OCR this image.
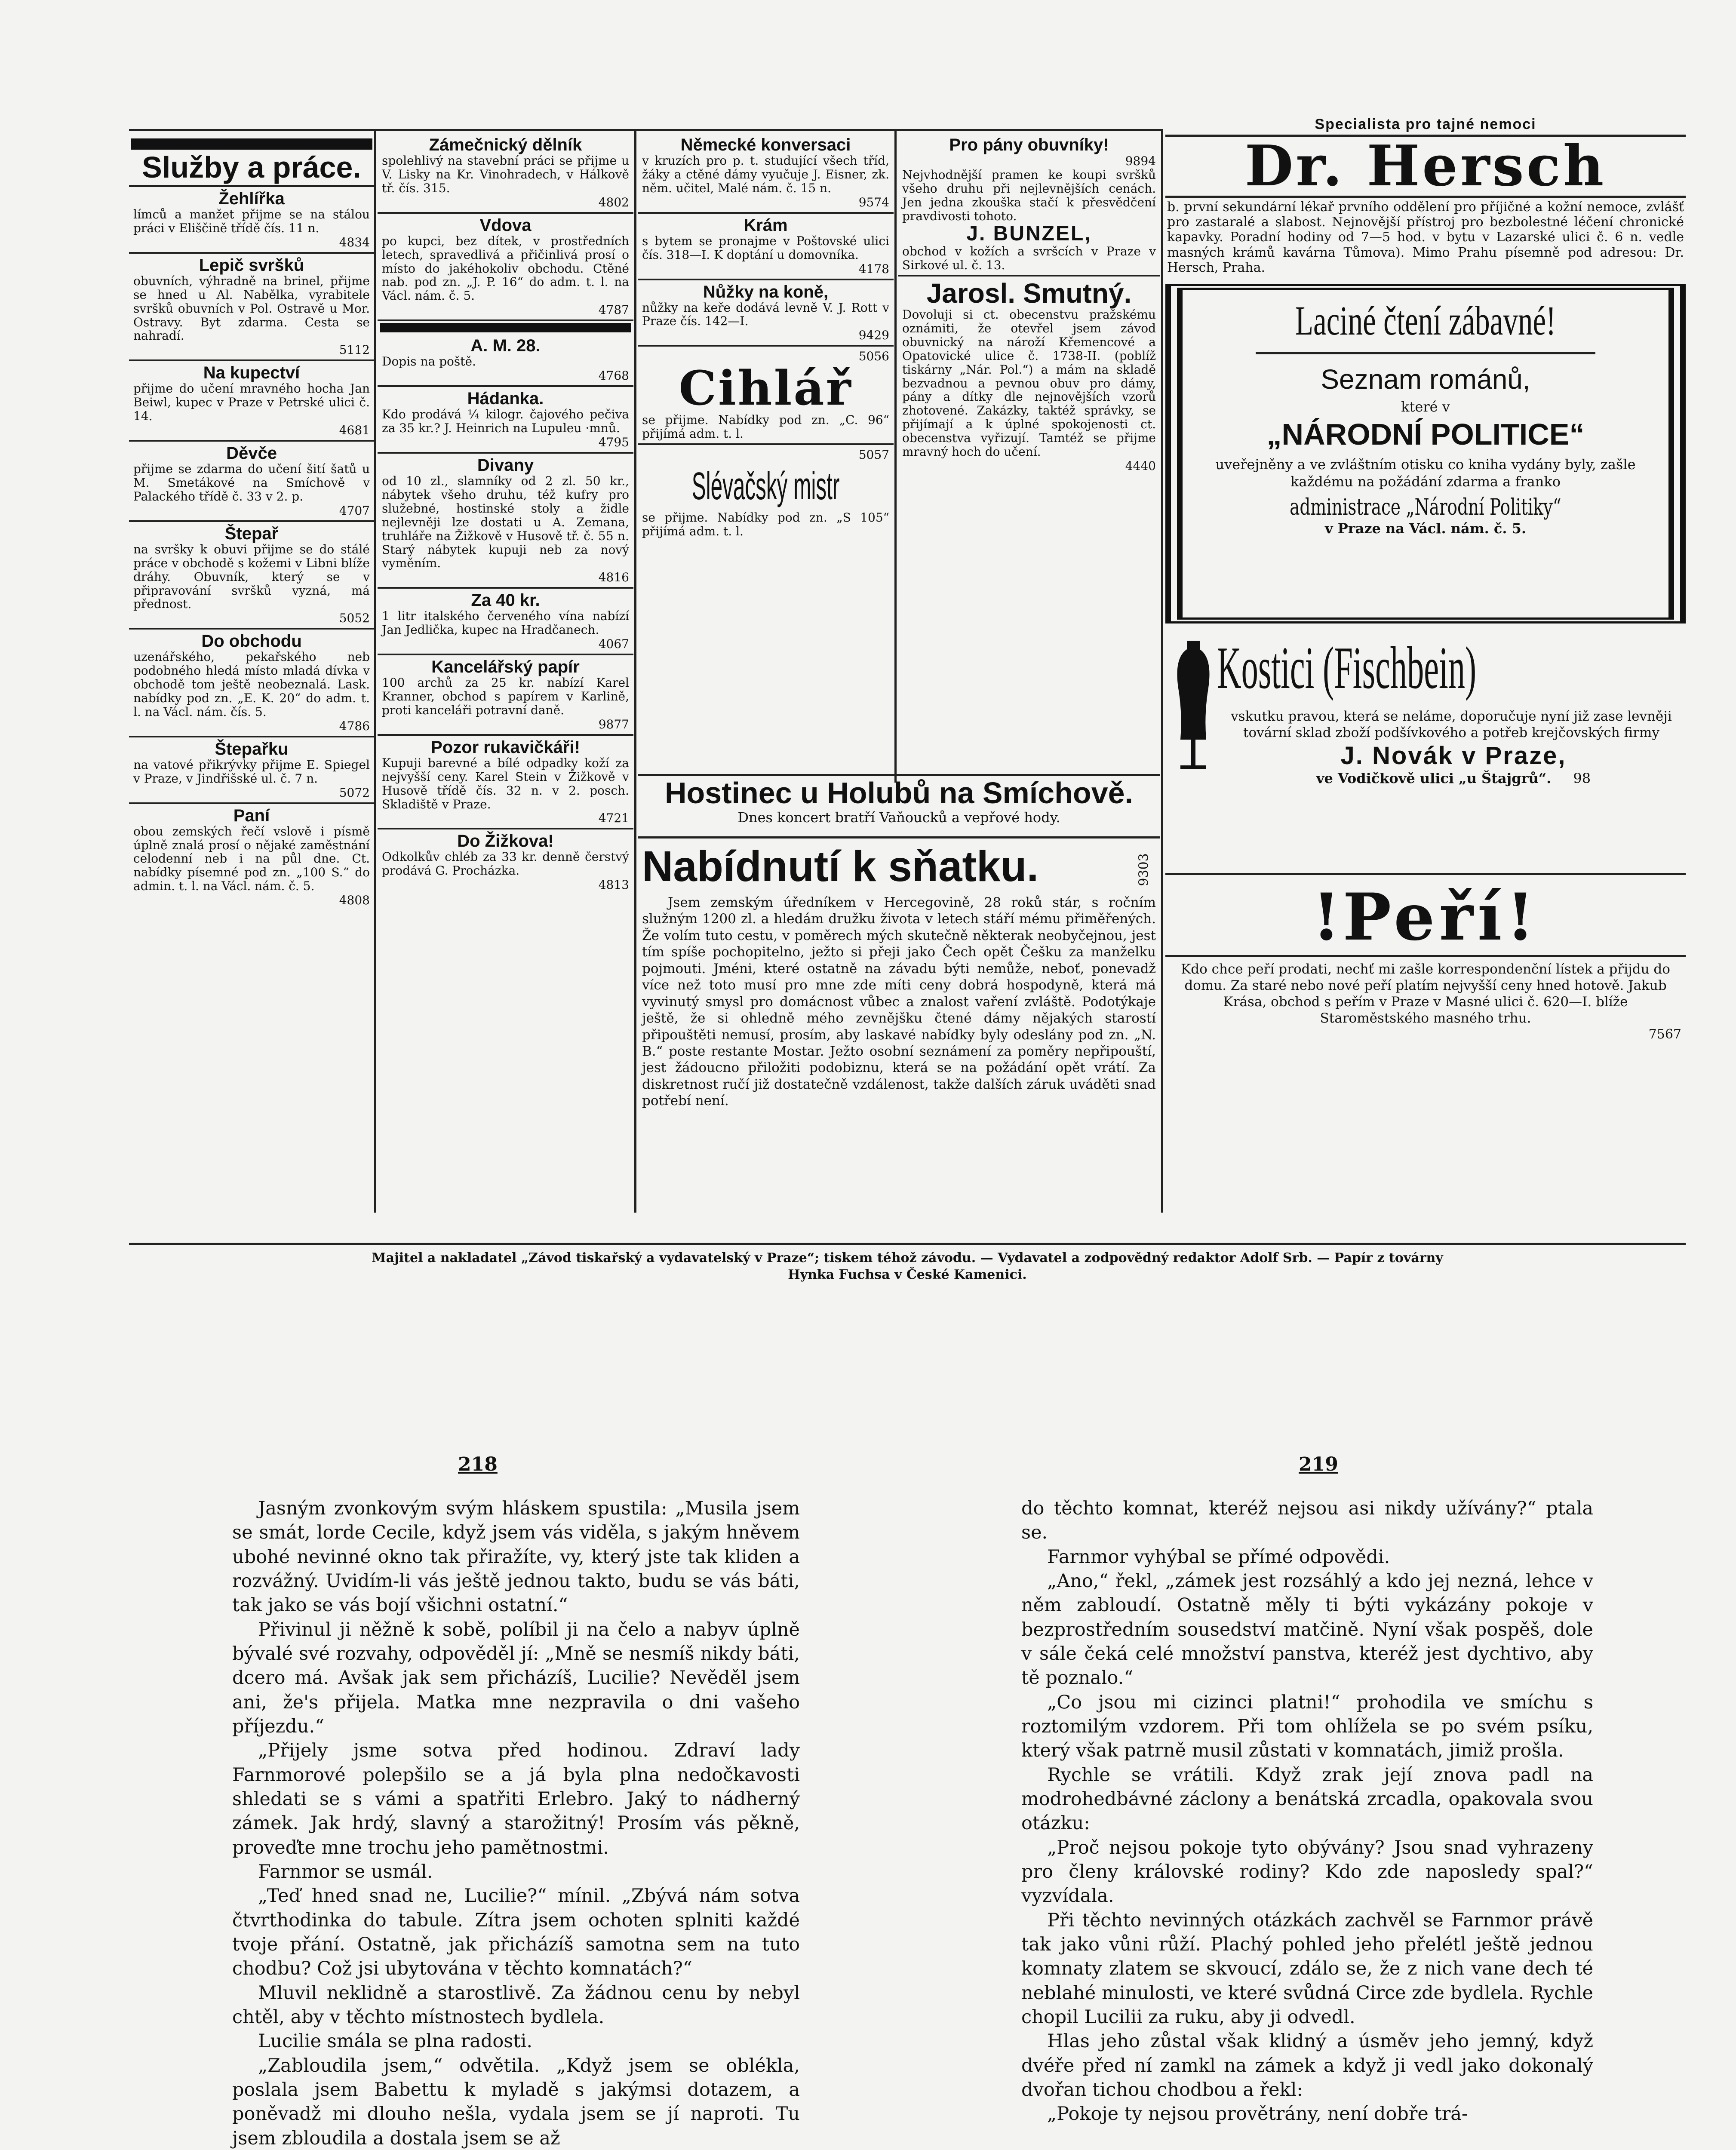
Služby a práce.
Žehlířka

límců a manžet přijme se na stálou práci v Eliščině třídě čís. 11 n.

4834
Lepič svršků

obuvních, výhradně na brinel, přijme se hned u Al. Nabělka, vyrabitele svršků obuvních v Pol. Ostravě u Mor. Ostravy. Byt zdarma. Cesta se nahradí.

5112
Na kupectví

přijme do učení mravného hocha Jan Beiwl, kupec v Praze v Petrské ulici č. 14.

4681
Děvče

přijme se zdarma do učení šití šatů u M. Smetákové na Smíchově v Palackého třídě č. 33 v 2. p.

4707
Štepař

na svršky k obuvi přijme se do stálé práce v obchodě s kožemi v Libni blíže dráhy. Obuvník, který se v připravování svršků vyzná, má přednost.

5052
Do obchodu

uzenářského, pekařského neb podobného hledá místo mladá dívka v obchodě tom ještě neobeznalá. Lask. nabídky pod zn. „E. K. 20“ do adm. t. l. na Václ. nám. čís. 5.

4786
Štepařku

na vatové přikrývky přijme E. Spiegel v Praze, v Jindřišské ul. č. 7 n.

5072
Paní

obou zemských řečí vslově i písmě úplně znalá prosí o nějaké zaměstnání celodenní neb i na půl dne. Ct. nabídky písemné pod zn. „100 S.“ do admin. t. l. na Václ. nám. č. 5.

4808
Zámečnický dělník

spolehlivý na stavební práci se přijme u V. Lisky na Kr. Vinohradech, v Hálkově tř. čís. 315.

4802
Vdova

po kupci, bez dítek, v prostředních letech, spravedlivá a přičinlivá prosí o místo do jakéhokoliv obchodu. Ctěné nab. pod zn. „J. P. 16“ do adm. t. l. na Václ. nám. č. 5.

4787
A. M. 28.

Dopis na poště.

4768
Hádanka.

Kdo prodává ¼ kilogr. čajového pečiva za 35 kr.? J. Heinrich na Lupuleu ·mnů.

4795
Divany

od 10 zl., slamníky od 2 zl. 50 kr., nábytek všeho druhu, též kufry pro služebné, hostinské stoly a židle nejlevněji lze dostati u A. Zemana, truhláře na Žižkově v Husově tř. č. 55 n. Starý nábytek kupuji neb za nový vyměním.

4816
Za 40 kr.

1 litr italského červeného vína nabízí Jan Jedlička, kupec na Hradčanech.

4067
Kancelářský papír

100 archů za 25 kr. nabízí Karel Kranner, obchod s papírem v Karlině, proti kanceláři potravní daně.

9877
Pozor rukavičkáři!

Kupuji barevné a bílé odpadky koží za nejvyšší ceny. Karel Stein v Žižkově v Husově třídě čís. 32 n. v 2. posch. Skladiště v Praze.

4721
Do Žižkova!

Odkolkův chléb za 33 kr. denně čerstvý prodává G. Procházka.

4813
Německé konversaci

v kruzích pro p. t. studující všech tříd, žáky a ctěné dámy vyučuje J. Eisner, zk. něm. učitel, Malé nám. č. 15 n.

9574
Krám

s bytem se pronajme v Poštovské ulici čís. 318—I. K doptání u domovníka.

4178
Nůžky na koně,

nůžky na keře dodává levně V. J. Rott v Praze čís. 142—I.

9429
5056
Cihlář

se přijme. Nabídky pod zn. „C. 96“ přijímá adm. t. l.

5057
Slévačský mistr

se přijme. Nabídky pod zn. „S 105“ přijímá adm. t. l.

Pro pány obuvníky!
9894

Nejvhodnější pramen ke koupi svršků všeho druhu při nejlevnějších cenách. Jen jedna zkouška stačí k přesvědčení pravdivosti tohoto.

J. BUNZEL,

obchod v kožích a svršcích v Praze v Sirkové ul. č. 13.

Jarosl. Smutný.

Dovoluji si ct. obecenstvu pražskému oznámiti, že otevřel jsem závod obuvnický na nároží Křemencové a Opatovické ulice č. 1738-II. (poblíž tiskárny „Nár. Pol.“) a mám na skladě bezvadnou a pevnou obuv pro dámy, pány a dítky dle nejnovějších vzorů zhotovené. Zakázky, taktéž správky, se přijímají a k úplné spokojenosti ct. obecenstva vyřizují. Tamtéž se přijme mravný hoch do učení.

4440
Hostinec u Holubů na Smíchově.
Dnes koncert bratří Vaňoucků a vepřové hody.
Nabídnutí k sňatku.	9303

Jsem zemským úředníkem v Hercegovině, 28 roků stár, s ročním služným 1200 zl. a hledám družku života v letech stáří mému přiměřených. Že volím tuto cestu, v poměrech mých skutečně některak neobyčejnou, jest tím spíše pochopitelno, ježto si přeji jako Čech opět Češku za manželku pojmouti. Jméni, které ostatně na závadu býti nemůže, neboť, ponevadž více než toto musí pro mne zde míti ceny dobrá hospodyně, která má vyvinutý smysl pro domácnost vůbec a znalost vaření zvláště. Podotýkaje ještě, že si ohledně mého zevnějšku čtené dámy nějakých starostí připouštěti nemusí, prosím, aby laskavé nabídky byly odeslány pod zn. „N. B.“ poste restante Mostar. Ježto osobní seznámení za poměry nepřipouští, jest žádoucno přiložiti podobiznu, která se na požádání opět vrátí. Za diskretnost ručí již dostatečně vzdálenost, takže dalších záruk uváděti snad potřebí není.

Specialista pro tajné nemoci
Dr. Hersch

b. první sekundární lékař prvního oddělení pro příjičné a kožní nemoce, zvlášť pro zastaralé a slabost. Nejnovější přístroj pro bezbolestné léčení chronické kapavky. Poradní hodiny od 7—5 hod. v bytu v Lazarské ulici č. 6 n. vedle masných krámů kavárna Tůmova). Mimo Prahu písemně pod adresou: Dr. Hersch, Praha.

Laciné čtení zábavné!
Seznam románů,
které v
„NÁRODNÍ POLITICE“

uveřejněny a ve zvláštním otisku co kniha vydány byly, zašle každému na požádání zdarma a franko

administrace „Národní Politiky“
v Praze na Václ. nám. č. 5.
Kostici (Fischbein)

vskutku pravou, která se neláme, doporučuje nyní již zase levněji tovární sklad zboží podšívkového a potřeb krejčovských firmy

J. Novák v Praze,
ve Vodičkově ulici „u Štajgrů“. 98
! Peří!

Kdo chce peří prodati, nechť mi zašle korrespondenční lístek a přijdu do domu. Za staré nebo nové peří platím nejvyšší ceny hned hotově. Jakub Krása, obchod s peřím v Praze v Masné ulici č. 620—I. blíže Staroměstského masného trhu.

7567
Majitel a nakladatel „Závod tiskařský a vydavatelský v Praze“; tiskem téhož závodu. — Vydavatel a zodpovědný redaktor Adolf Srb. — Papír z továrny
Hynka Fuchsa v České Kamenici.
218	219

Jasným zvonkovým svým hláskem spustila: „Musila jsem se smát, lorde Cecile, když jsem vás viděla, s jakým hněvem ubohé nevinné okno tak přiražíte, vy, který jste tak kliden a rozvážný. Uvidím-li vás ještě jednou takto, budu se vás báti, tak jako se vás bojí všichni ostatní.“

Přivinul ji něžně k sobě, políbil ji na čelo a nabyv úplně bývalé své rozvahy, odpověděl jí: „Mně se nesmíš nikdy báti, dcero má. Avšak jak sem přicházíš, Lucilie? Nevěděl jsem ani, že's přijela. Matka mne nezpravila o dni vašeho příjezdu.“

„Přijely jsme sotva před hodinou. Zdraví lady Farnmorové polepšilo se a já byla plna nedočkavosti shledati se s vámi a spatřiti Erlebro. Jaký to nádherný zámek. Jak hrdý, slavný a starožitný! Prosím vás pěkně, proveďte mne trochu jeho pamětnostmi.

Farnmor se usmál.

„Teď hned snad ne, Lucilie?“ mínil. „Zbývá nám sotva čtvrthodinka do tabule. Zítra jsem ochoten splniti každé tvoje přání. Ostatně, jak přicházíš samotna sem na tuto chodbu? Což jsi ubytována v těchto komnatách?“

Mluvil neklidně a starostlivě. Za žádnou cenu by nebyl chtěl, aby v těchto místnostech bydlela.

Lucilie smála se plna radosti.

„Zabloudila jsem,“ odvětila. „Když jsem se oblékla, poslala jsem Babettu k myladě s jakýmsi dotazem, a poněvadž mi dlouho nešla, vydala jsem se jí naproti. Tu jsem zbloudila a dostala jsem se až

do těchto komnat, kteréž nejsou asi nikdy užívány?“ ptala se.

Farnmor vyhýbal se přímé odpovědi.

„Ano,“ řekl, „zámek jest rozsáhlý a kdo jej nezná, lehce v něm zabloudí. Ostatně měly ti býti vykázány pokoje v bezprostředním sousedství matčině. Nyní však pospěš, dole v sále čeká celé množství panstva, kteréž jest dychtivo, aby tě poznalo.“

„Co jsou mi cizinci platni!“ prohodila ve smíchu s roztomilým vzdorem. Při tom ohlížela se po svém psíku, který však patrně musil zůstati v komnatách, jimiž prošla.

Rychle se vrátili. Když zrak její znova padl na modrohedbávné záclony a benátská zrcadla, opakovala svou otázku:

„Proč nejsou pokoje tyto obývány? Jsou snad vyhrazeny pro členy královské rodiny? Kdo zde naposledy spal?“ vyzvídala.

Při těchto nevinných otázkách zachvěl se Farnmor právě tak jako vůni růží. Plachý pohled jeho přelétl ještě jednou komnaty zlatem se skvoucí, zdálo se, že z nich vane dech té neblahé minulosti, ve které svůdná Circe zde bydlela. Rychle chopil Lucilii za ruku, aby ji odvedl.

Hlas jeho zůstal však klidný a úsměv jeho jemný, když dvéře před ní zamkl na zámek a když ji vedl jako dokonalý dvořan tichou chodbou a řekl:

„Pokoje ty nejsou provětrány, není dobře trá-
